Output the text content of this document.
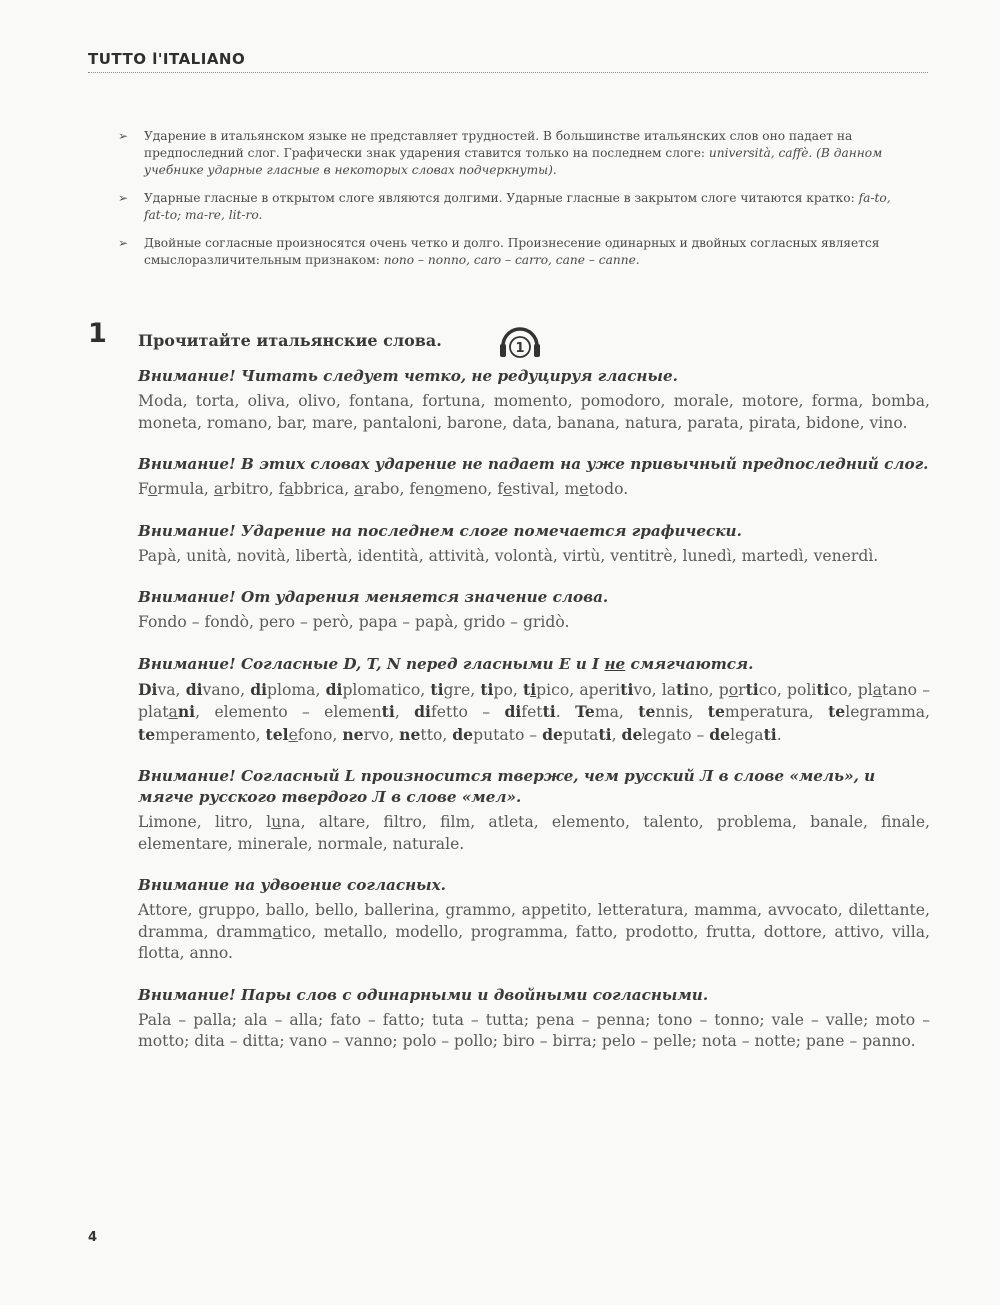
TUTTO l'ITALIANO
➢ Ударение в итальянском языке не представляет трудностей. В большинстве итальянских слов оно падает на предпоследний слог. Графически знак ударения ставится только на последнем слоге: università, caffè. (В данном учебнике ударные гласные в некоторых словах подчеркнуты).
➢ Ударные гласные в открытом слоге являются долгими. Ударные гласные в закрытом слоге читаются кратко: fa-to, fat-to; ma-re, lit-ro.
➢ Двойные согласные произносятся очень четко и долго. Произнесение одинарных и двойных согласных является смыслоразличительным признаком: nono – nonno, caro – carro, cane – canne.
1 Прочитайте итальянские слова.	1
Внимание! Читать следует четко, не редуцируя гласные.
Moda, torta, oliva, olivo, fontana, fortuna, momento, pomodoro, morale, motore, forma, bomba, moneta, romano, bar, mare, pantaloni, barone, data, banana, natura, parata, pirata, bidone, vino.
Внимание! В этих словах ударение не падает на уже привычный предпоследний слог.
Formula, arbitro, fabbrica, arabo, fenomeno, festival, metodo.
Внимание! Ударение на последнем слоге помечается графически.
Papà, unità, novità, libertà, identità, attività, volontà, virtù, ventitrè, lunedì, martedì, venerdì.
Внимание! От ударения меняется значение слова.
Fondo – fondò, pero – però, papa – papà, grido – gridò.
Внимание! Согласные D, T, N перед гласными E и I не смягчаются.
Diva, divano, diploma, diplomatico, tigre, tipo, tipico, aperitivo, latino, portico, politico, platano – platani, elemento – elementi, difetto – difetti. Tema, tennis, temperatura, telegramma, temperamento, telefono, nervo, netto, deputato – deputati, delegato – delegati.
Внимание! Согласный L произносится тверже, чем русский Л в слове «мель», и мягче русского твердого Л в слове «мел».
Limone, litro, luna, altare, filtro, film, atleta, elemento, talento, problema, banale, finale, elementare, minerale, normale, naturale.
Внимание на удвоение согласных.
Attore, gruppo, ballo, bello, ballerina, grammo, appetito, letteratura, mamma, avvocato, dilettante, dramma, drammatico, metallo, modello, programma, fatto, prodotto, frutta, dottore, attivo, villa, flotta, anno.
Внимание! Пары слов с одинарными и двойными согласными.
Pala – palla; ala – alla; fato – fatto; tuta – tutta; pena – penna; tono – tonno; vale – valle; moto – motto; dita – ditta; vano – vanno; polo – pollo; biro – birra; pelo – pelle; nota – notte; pane – panno.
4
